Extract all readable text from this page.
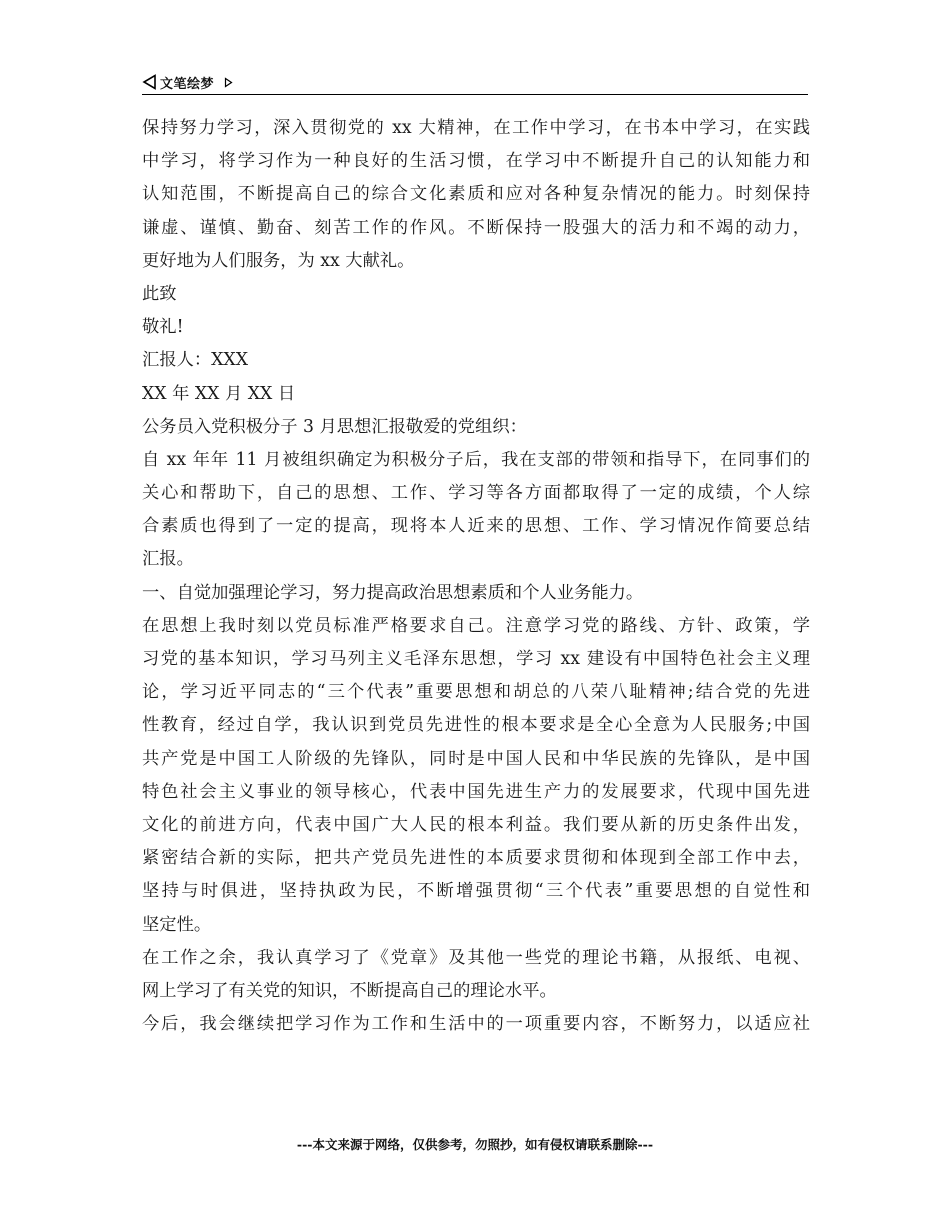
文笔绘梦
保持努力学习，深入贯彻党的 xx 大精神，在工作中学习，在书本中学习，在实践
中学习，将学习作为一种良好的生活习惯，在学习中不断提升自己的认知能力和
认知范围，不断提高自己的综合文化素质和应对各种复杂情况的能力。时刻保持
谦虚、谨慎、勤奋、刻苦工作的作风。不断保持一股强大的活力和不竭的动力，
更好地为人们服务，为 xx 大献礼。
此致
敬礼!
汇报人：XXX
XX 年 XX 月 XX 日
公务员入党积极分子 3 月思想汇报敬爱的党组织：
自 xx 年年 11 月被组织确定为积极分子后，我在支部的带领和指导下，在同事们的
关心和帮助下，自己的思想、工作、学习等各方面都取得了一定的成绩，个人综
合素质也得到了一定的提高，现将本人近来的思想、工作、学习情况作简要总结
汇报。
一、自觉加强理论学习，努力提高政治思想素质和个人业务能力。
在思想上我时刻以党员标准严格要求自己。注意学习党的路线、方针、政策，学
习党的基本知识，学习马列主义毛泽东思想，学习 xx 建设有中国特色社会主义理
论，学习近平同志的“三个代表”重要思想和胡总的八荣八耻精神;结合党的先进
性教育，经过自学，我认识到党员先进性的根本要求是全心全意为人民服务;中国
共产党是中国工人阶级的先锋队，同时是中国人民和中华民族的先锋队，是中国
特色社会主义事业的领导核心，代表中国先进生产力的发展要求，代现中国先进
文化的前进方向，代表中国广大人民的根本利益。我们要从新的历史条件出发，
紧密结合新的实际，把共产党员先进性的本质要求贯彻和体现到全部工作中去，
坚持与时俱进，坚持执政为民，不断增强贯彻“三个代表”重要思想的自觉性和
坚定性。
在工作之余，我认真学习了《党章》及其他一些党的理论书籍，从报纸、电视、
网上学习了有关党的知识，不断提高自己的理论水平。
今后，我会继续把学习作为工作和生活中的一项重要内容，不断努力，以适应社
---本文来源于网络，仅供参考，勿照抄，如有侵权请联系删除---
